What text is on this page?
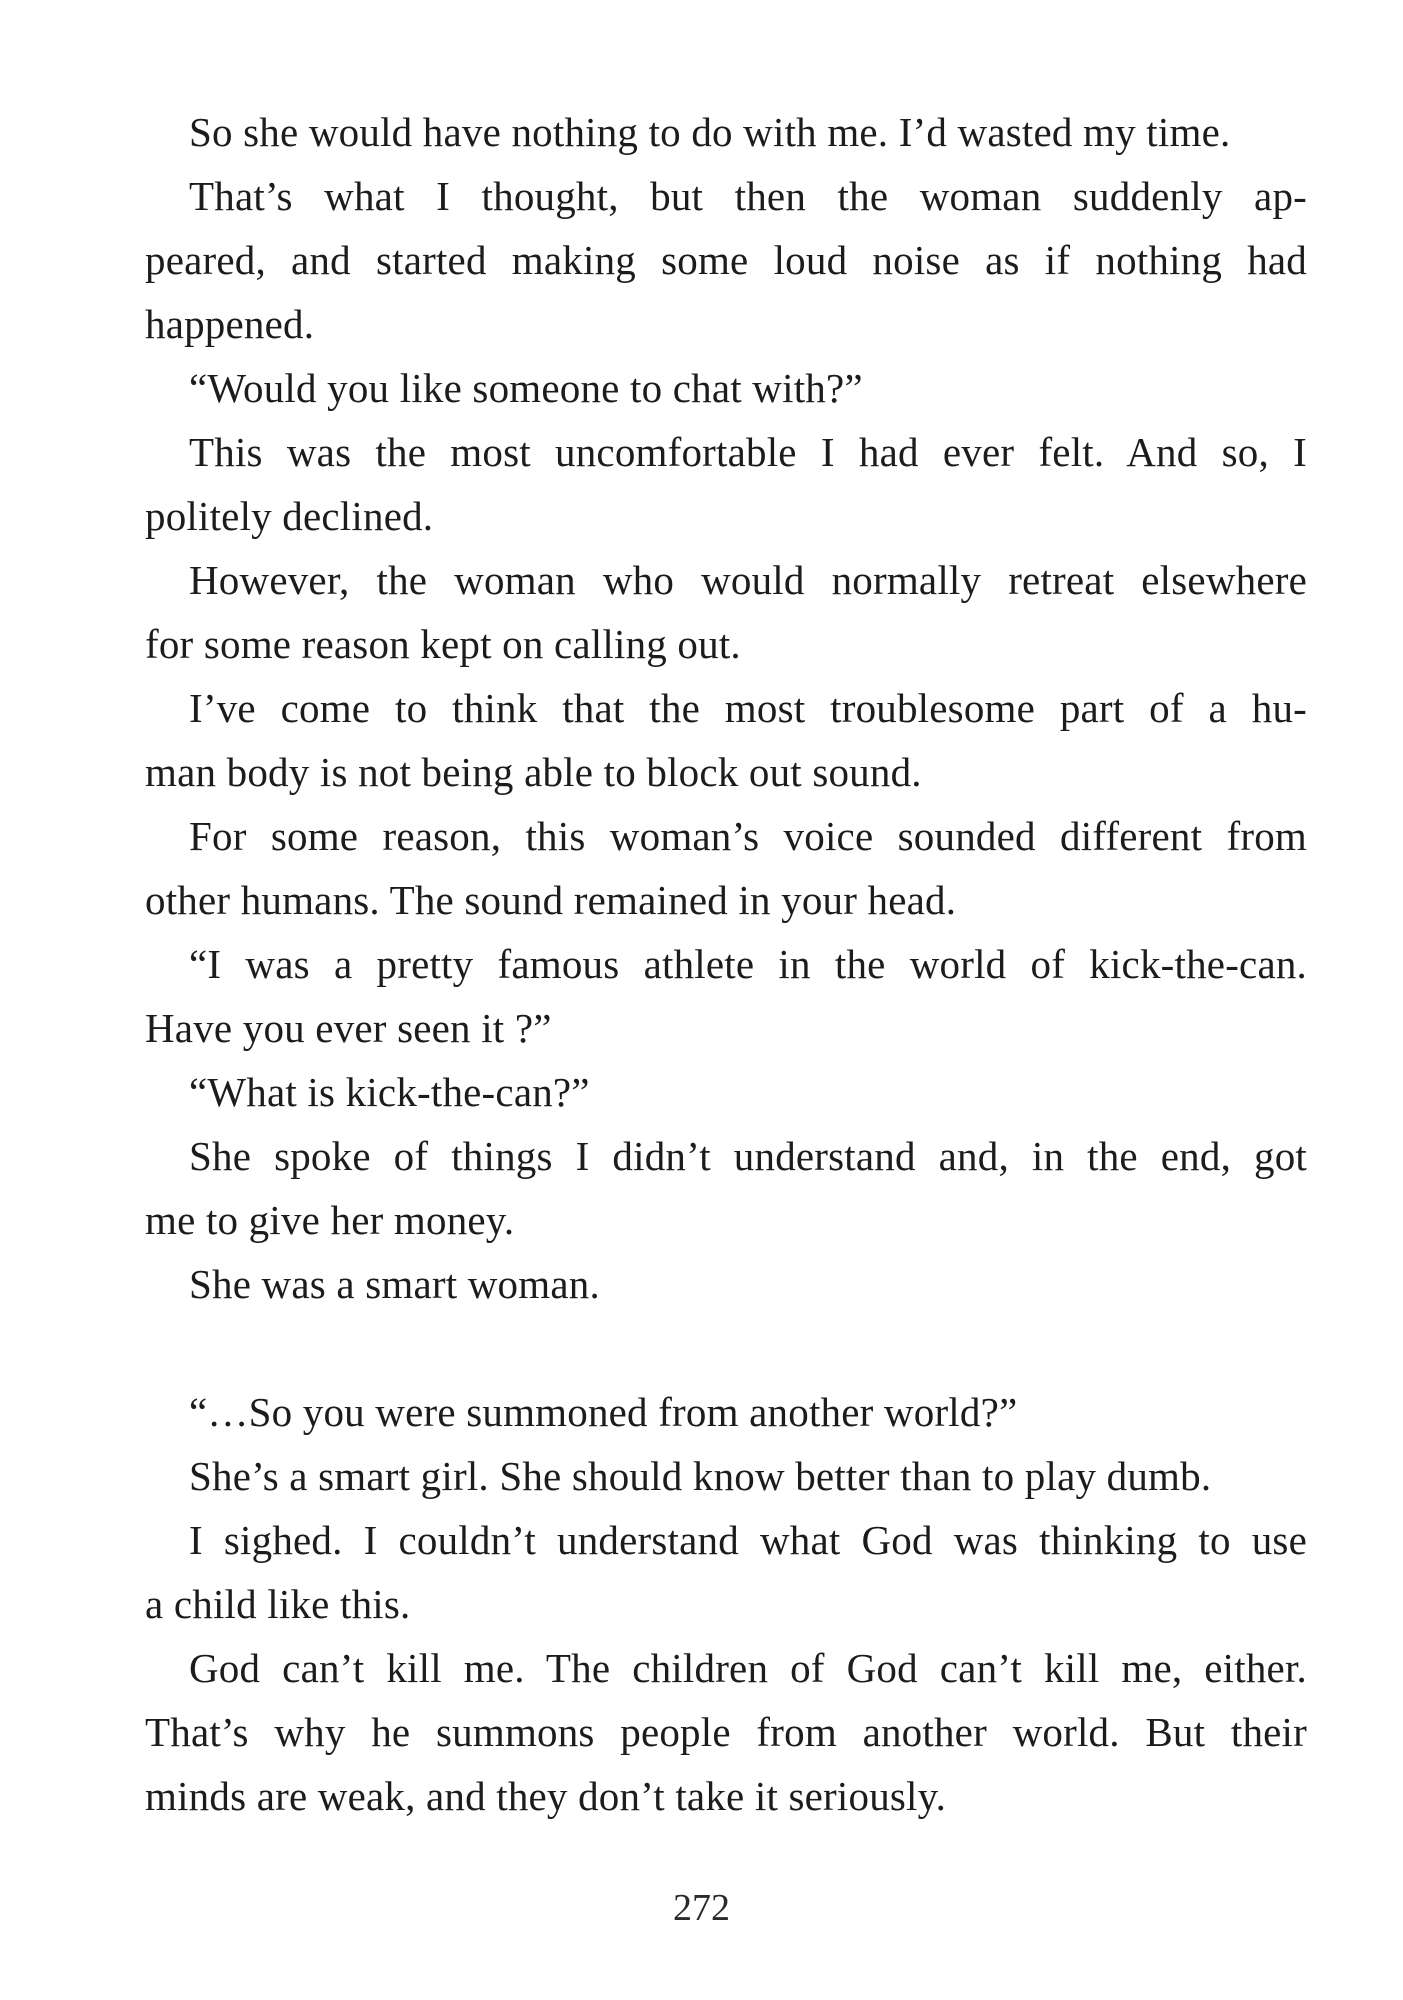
So she would have nothing to do with me. I’d wasted my time.
That’s what I thought, but then the woman suddenly ap-
peared, and started making some loud noise as if nothing had
happened.
“Would you like someone to chat with?”
This was the most uncomfortable I had ever felt. And so, I
politely declined.
However, the woman who would normally retreat elsewhere
for some reason kept on calling out.
I’ve come to think that the most troublesome part of a hu-
man body is not being able to block out sound.
For some reason, this woman’s voice sounded different from
other humans. The sound remained in your head.
“I was a pretty famous athlete in the world of kick-the-can.
Have you ever seen it ?”
“What is kick-the-can?”
She spoke of things I didn’t understand and, in the end, got
me to give her money.
She was a smart woman.
“…So you were summoned from another world?”
She’s a smart girl. She should know better than to play dumb.
I sighed. I couldn’t understand what God was thinking to use
a child like this.
God can’t kill me. The children of God can’t kill me, either.
That’s why he summons people from another world. But their
minds are weak, and they don’t take it seriously.
272
